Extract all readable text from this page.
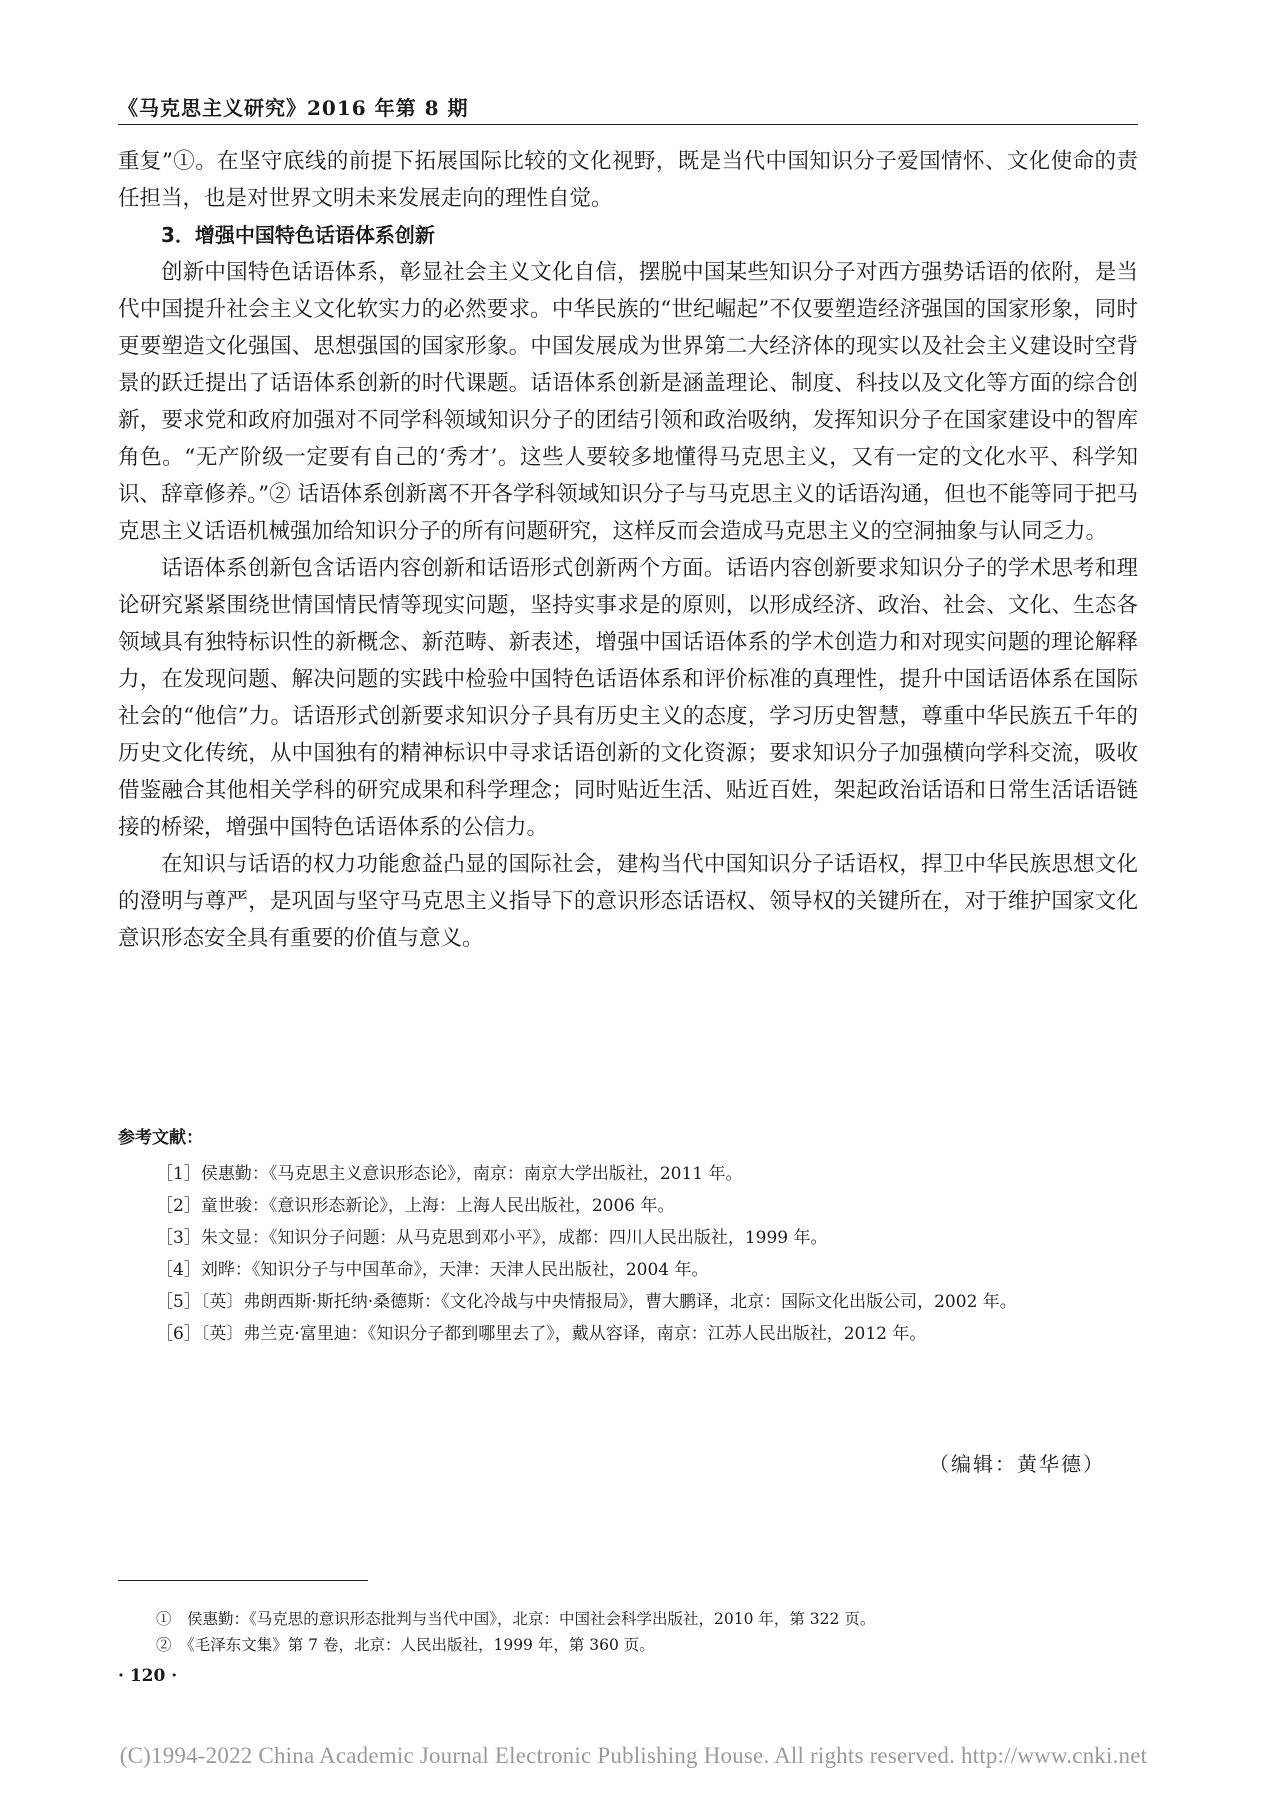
《马克思主义研究》2016 年第 8 期

重复”①。在坚守底线的前提下拓展国际比较的文化视野，既是当代中国知识分子爱国情怀、文化使命的责任担当，也是对世界文明未来发展走向的理性自觉。

3．增强中国特色话语体系创新

创新中国特色话语体系，彰显社会主义文化自信，摆脱中国某些知识分子对西方强势话语的依附，是当代中国提升社会主义文化软实力的必然要求。中华民族的“世纪崛起”不仅要塑造经济强国的国家形象，同时更要塑造文化强国、思想强国的国家形象。中国发展成为世界第二大经济体的现实以及社会主义建设时空背景的跃迁提出了话语体系创新的时代课题。话语体系创新是涵盖理论、制度、科技以及文化等方面的综合创新，要求党和政府加强对不同学科领域知识分子的团结引领和政治吸纳，发挥知识分子在国家建设中的智库角色。“无产阶级一定要有自己的‘秀才’。这些人要较多地懂得马克思主义，又有一定的文化水平、科学知识、辞章修养。”② 话语体系创新离不开各学科领域知识分子与马克思主义的话语沟通，但也不能等同于把马克思主义话语机械强加给知识分子的所有问题研究，这样反而会造成马克思主义的空洞抽象与认同乏力。

话语体系创新包含话语内容创新和话语形式创新两个方面。话语内容创新要求知识分子的学术思考和理论研究紧紧围绕世情国情民情等现实问题，坚持实事求是的原则，以形成经济、政治、社会、文化、生态各领域具有独特标识性的新概念、新范畴、新表述，增强中国话语体系的学术创造力和对现实问题的理论解释力，在发现问题、解决问题的实践中检验中国特色话语体系和评价标准的真理性，提升中国话语体系在国际社会的“他信”力。话语形式创新要求知识分子具有历史主义的态度，学习历史智慧，尊重中华民族五千年的历史文化传统，从中国独有的精神标识中寻求话语创新的文化资源；要求知识分子加强横向学科交流，吸收借鉴融合其他相关学科的研究成果和科学理念；同时贴近生活、贴近百姓，架起政治话语和日常生活话语链接的桥梁，增强中国特色话语体系的公信力。

在知识与话语的权力功能愈益凸显的国际社会，建构当代中国知识分子话语权，捍卫中华民族思想文化的澄明与尊严，是巩固与坚守马克思主义指导下的意识形态话语权、领导权的关键所在，对于维护国家文化意识形态安全具有重要的价值与意义。

参考文献：
［1］侯惠勤：《马克思主义意识形态论》，南京：南京大学出版社，2011 年。
［2］童世骏：《意识形态新论》，上海：上海人民出版社，2006 年。
［3］朱文显：《知识分子问题：从马克思到邓小平》，成都：四川人民出版社，1999 年。
［4］刘晔：《知识分子与中国革命》，天津：天津人民出版社，2004 年。
［5］〔英〕弗朗西斯·斯托纳·桑德斯：《文化冷战与中央情报局》，曹大鹏译，北京：国际文化出版公司，2002 年。
［6］〔英〕弗兰克·富里迪：《知识分子都到哪里去了》，戴从容译，南京：江苏人民出版社，2012 年。
（编辑：黄华德）
①　侯惠勤：《马克思的意识形态批判与当代中国》，北京：中国社会科学出版社，2010 年，第 322 页。
②　《毛泽东文集》第 7 卷，北京：人民出版社，1999 年，第 360 页。
· 120 ·
(C)1994-2022 China Academic Journal Electronic Publishing House. All rights reserved. http://www.cnki.net
